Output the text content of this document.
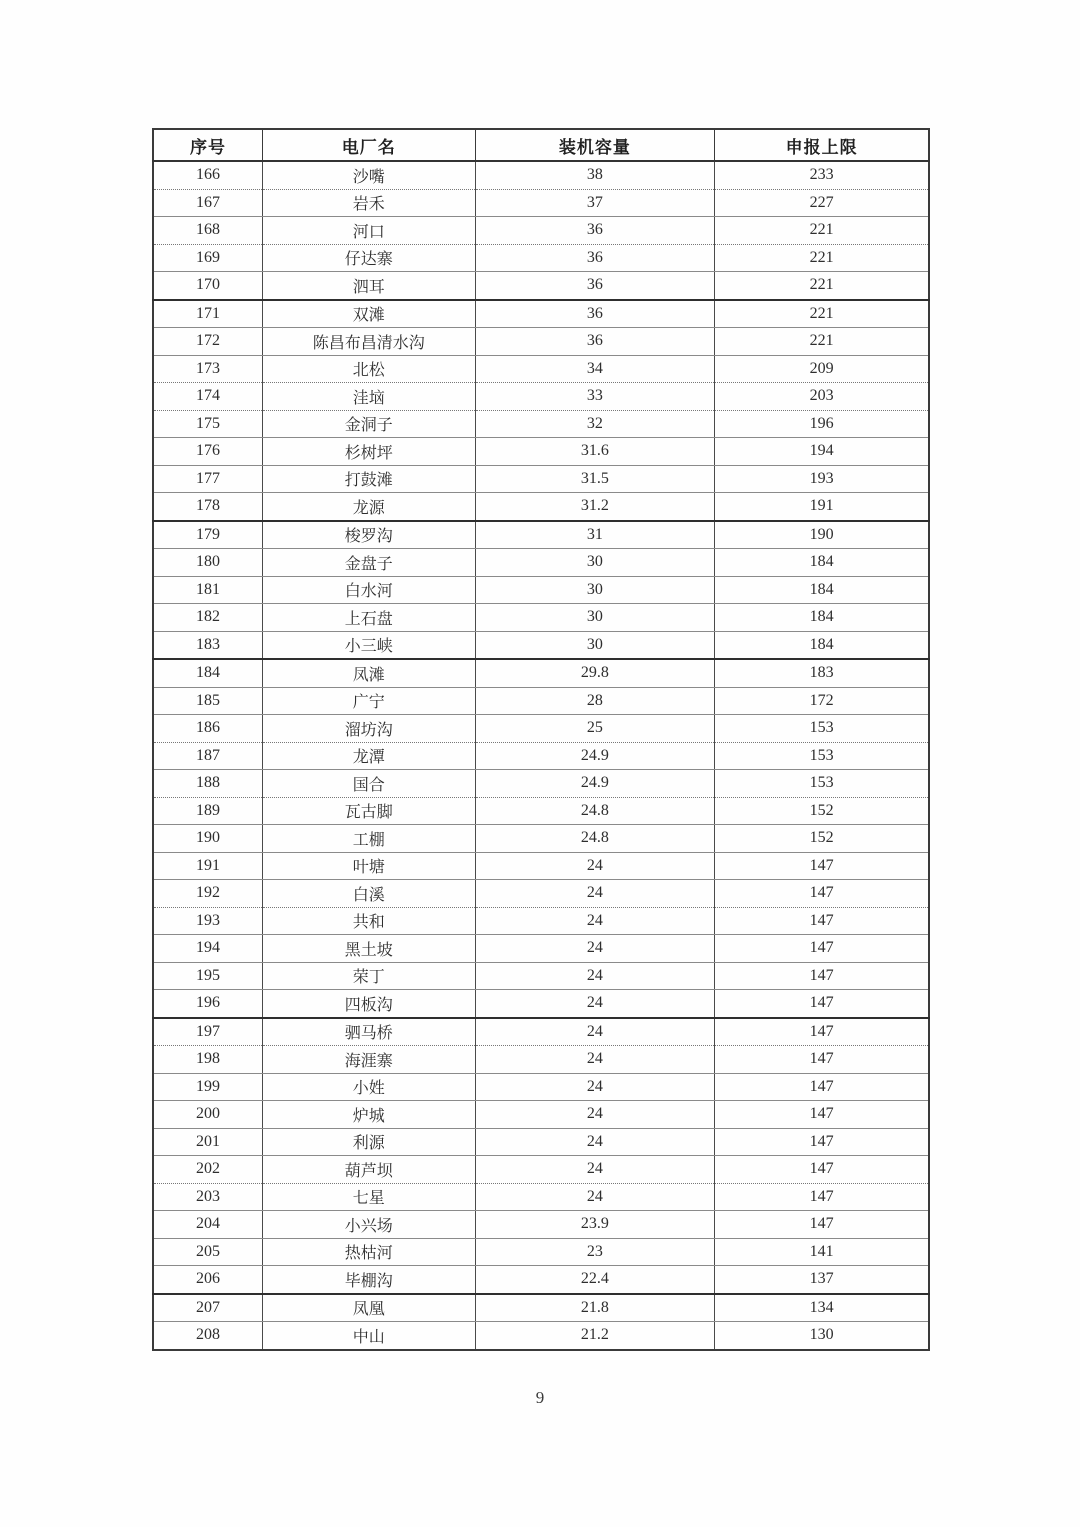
序号	电厂名	装机容量	申报上限
166	沙嘴	38	233
167	岩禾	37	227
168	河口	36	221
169	仔达寨	36	221
170	泗耳	36	221
171	双滩	36	221
172	陈昌布昌清水沟	36	221
173	北松	34	209
174	洼垴	33	203
175	金洞子	32	196
176	杉树坪	31.6	194
177	打鼓滩	31.5	193
178	龙源	31.2	191
179	梭罗沟	31	190
180	金盘子	30	184
181	白水河	30	184
182	上石盘	30	184
183	小三峡	30	184
184	凤滩	29.8	183
185	广宁	28	172
186	溜坊沟	25	153
187	龙潭	24.9	153
188	国合	24.9	153
189	瓦古脚	24.8	152
190	工棚	24.8	152
191	叶塘	24	147
192	白溪	24	147
193	共和	24	147
194	黑土坡	24	147
195	荣丁	24	147
196	四板沟	24	147
197	驷马桥	24	147
198	海涯寨	24	147
199	小姓	24	147
200	炉城	24	147
201	利源	24	147
202	葫芦坝	24	147
203	七星	24	147
204	小兴场	23.9	147
205	热枯河	23	141
206	毕棚沟	22.4	137
207	凤凰	21.8	134
208	中山	21.2	130
9
